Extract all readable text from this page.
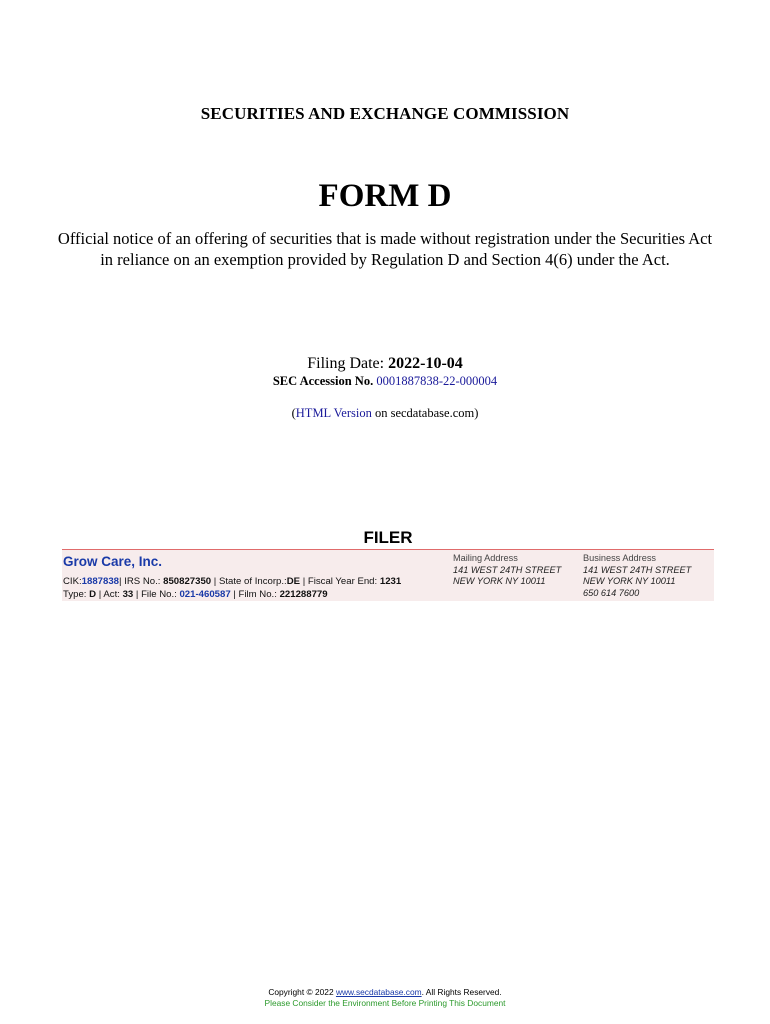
SECURITIES AND EXCHANGE COMMISSION
FORM D
Official notice of an offering of securities that is made without registration under the Securities Act in reliance on an exemption provided by Regulation D and Section 4(6) under the Act.
Filing Date: 2022-10-04
SEC Accession No. 0001887838-22-000004
(HTML Version on secdatabase.com)
FILER
Grow Care, Inc.
CIK:1887838| IRS No.: 850827350 | State of Incorp.:DE | Fiscal Year End: 1231
Type: D | Act: 33 | File No.: 021-460587 | Film No.: 221288779
Mailing Address
141 WEST 24TH STREET
NEW YORK NY 10011
Business Address
141 WEST 24TH STREET
NEW YORK NY 10011
650 614 7600
Copyright © 2022 www.secdatabase.com. All Rights Reserved.
Please Consider the Environment Before Printing This Document
